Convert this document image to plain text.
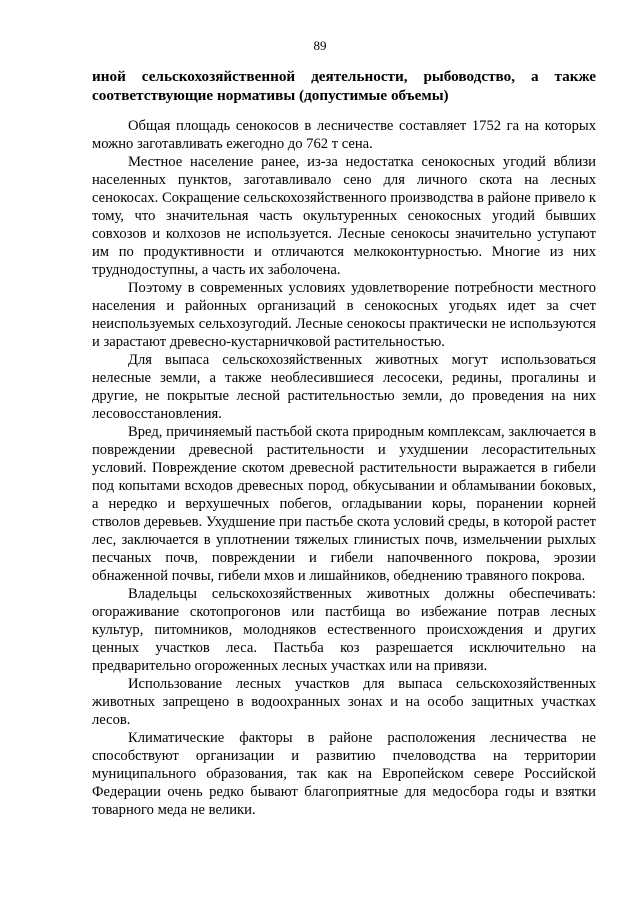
89

иной сельскохозяйственной деятельности, рыбоводство, а также соответствующие нормативы (допустимые объемы)

Общая площадь сенокосов в лесничестве составляет 1752 га на которых можно заготавливать ежегодно до 762 т сена.

Местное население ранее, из-за недостатка сенокосных угодий вблизи населенных пунктов, заготавливало сено для личного скота на лесных сенокосах. Сокращение сельскохозяйственного производства в районе привело к тому, что значительная часть окультуренных сенокосных угодий бывших совхозов и колхозов не используется. Лесные сенокосы значительно уступают им по продуктивности и отличаются мелкоконтурностью. Многие из них труднодоступны, а часть их заболочена.

Поэтому в современных условиях удовлетворение потребности местного населения и районных организаций в сенокосных угодьях идет за счет неиспользуемых сельхозугодий. Лесные сенокосы практически не используются и зарастают древесно-кустарничковой растительностью.

Для выпаса сельскохозяйственных животных могут использоваться нелесные земли, а также необлесившиеся лесосеки, редины, прогалины и другие, не покрытые лесной растительностью земли, до проведения на них лесовосстановления.

Вред, причиняемый пастьбой скота природным комплексам, заключается в повреждении древесной растительности и ухудшении лесорастительных условий. Повреждение скотом древесной растительности выражается в гибели под копытами всходов древесных пород, обкусывании и обламывании боковых, а нередко и верхушечных побегов, огладывании коры, поранении корней стволов деревьев. Ухудшение при пастьбе скота условий среды, в которой растет лес, заключается в уплотнении тяжелых глинистых почв, измельчении рыхлых песчаных почв, повреждении и гибели напочвенного покрова, эрозии обнаженной почвы, гибели мхов и лишайников, обеднению травяного покрова.

Владельцы сельскохозяйственных животных должны обеспечивать: огораживание скотопрогонов или пастбища во избежание потрав лесных культур, питомников, молодняков естественного происхождения и других ценных участков леса. Пастьба коз разрешается исключительно на предварительно огороженных лесных участках или на привязи.

Использование лесных участков для выпаса сельскохозяйственных животных запрещено в водоохранных зонах и на особо защитных участках лесов.

Климатические факторы в районе расположения лесничества не способствуют организации и развитию пчеловодства на территории муниципального образования, так как на Европейском севере Российской Федерации очень редко бывают благоприятные для медосбора годы и взятки товарного меда не велики.
